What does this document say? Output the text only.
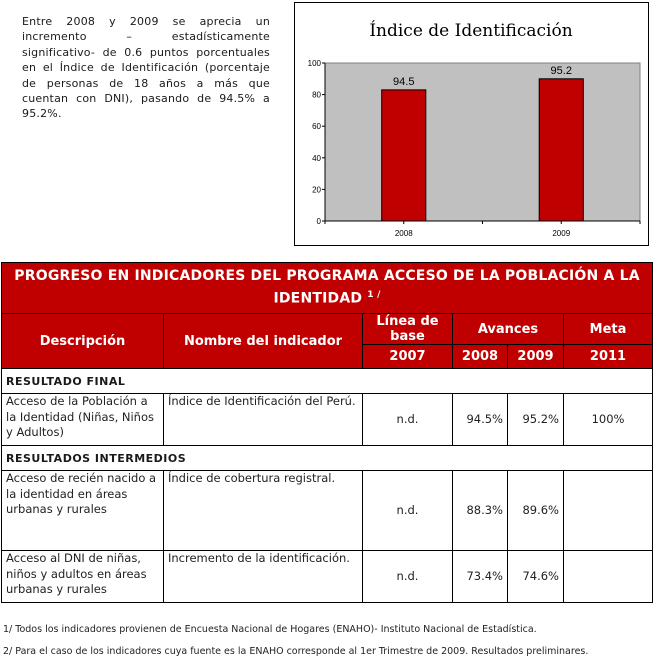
Entre 2008 y 2009 se aprecia un incremento – estadísticamente significativo- de 0.6 puntos porcentuales en el Índice de Identificación (porcentaje de personas de 18 años a más que cuentan con DNI), pasando de 94.5% a 95.2%.

Índice de Identificación
0
20
40
60
80
100
94.5
2008
95.2
2009
PROGRESO EN INDICADORES DEL PROGRAMA ACCESO DE LA POBLACIÓN A LA IDENTIDAD $^{1 /}$
Descripción	Nombre del indicador	Línea de base	Avances		Meta
		2007	2008	2009	2011
RESULTADO FINAL					
Acceso de la Población a la Identidad (Niñas, Niños y Adultos)	Índice de Identificación del Perú.	n.d.	94.5%	95.2%	100%
RESULTADOS INTERMEDIOS					
Acceso de recién nacido a la identidad en áreas urbanas y rurales	Índice de cobertura registral.	n.d.	88.3%	89.6%	
Acceso al DNI de niñas, niños y adultos en áreas urbanas y rurales	Incremento de la identificación.	n.d.	73.4%	74.6%	
1/ Todos los indicadores provienen de Encuesta Nacional de Hogares (ENAHO)- Instituto Nacional de Estadística.
2/ Para el caso de los indicadores cuya fuente es la ENAHO corresponde al 1er Trimestre de 2009. Resultados preliminares.
